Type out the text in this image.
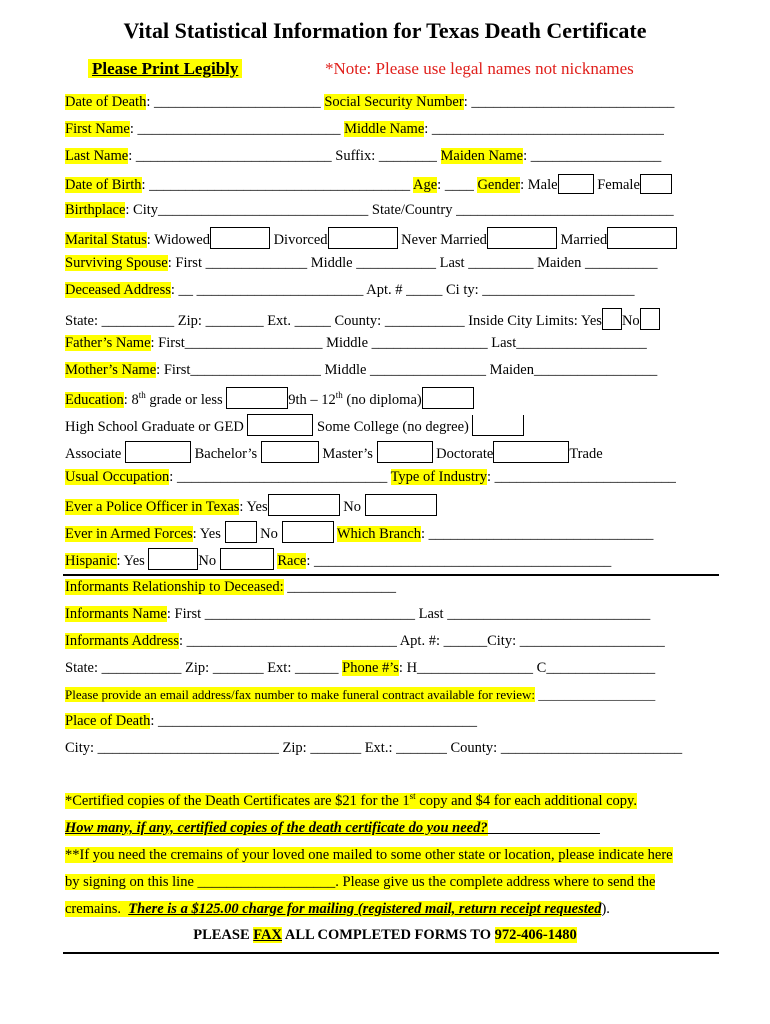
Vital Statistical Information for Texas Death Certificate
Please Print Legibly	*Note: Please use legal names not nicknames
Date of Death: _______________________ Social Security Number: ____________________________
First Name: ____________________________ Middle Name: ________________________________
Last Name: ___________________________ Suffix: ________ Maiden Name: __________________
Date of Birth: ____________________________________ Age: ____ Gender: Male	Female
Birthplace: City_____________________________ State/Country ______________________________
Marital Status: Widowed	Divorced	Never Married	Married
Surviving Spouse: First ______________ Middle ___________ Last _________ Maiden __________
Deceased Address: __ _______________________ Apt. # _____ Ci ty: _____________________
State: __________ Zip: ________ Ext. _____ County: ___________ Inside City Limits: Yes No
Father’s Name: First___________________ Middle ________________ Last__________________
Mother’s Name: First__________________ Middle ________________ Maiden_________________
Education: 8th grade or less	9th – 12th (no diploma)
High School Graduate or GED	Some College (no degree)
Associate	Bachelor’s	Master’s	Doctorate	Trade
Usual Occupation: _____________________________ Type of Industry: _________________________
Ever a Police Officer in Texas: Yes	No
Ever in Armed Forces: Yes	No	Which Branch: _______________________________
Hispanic: Yes	No	Race: _________________________________________
Informants Relationship to Deceased: _______________
Informants Name: First _____________________________ Last ____________________________
Informants Address: _____________________________ Apt. #: ______City: ____________________
State: ___________ Zip: _______ Ext: ______ Phone #’s: H________________ C_______________
Please provide an email address/fax number to make funeral contract available for review: __________________
Place of Death: ____________________________________________
City: _________________________ Zip: _______ Ext.: _______ County: _________________________
*Certified copies of the Death Certificates are $21 for the 1st copy and $4 for each additional copy.
How many, if any, certified copies of the death certificate do you need?
**If you need the cremains of your loved one mailed to some other state or location, please indicate here
by signing on this line ___________________. Please give us the complete address where to send the
cremains. There is a $125.00 charge for mailing (registered mail, return receipt requested).
PLEASE FAX ALL COMPLETED FORMS TO 972-406-1480
